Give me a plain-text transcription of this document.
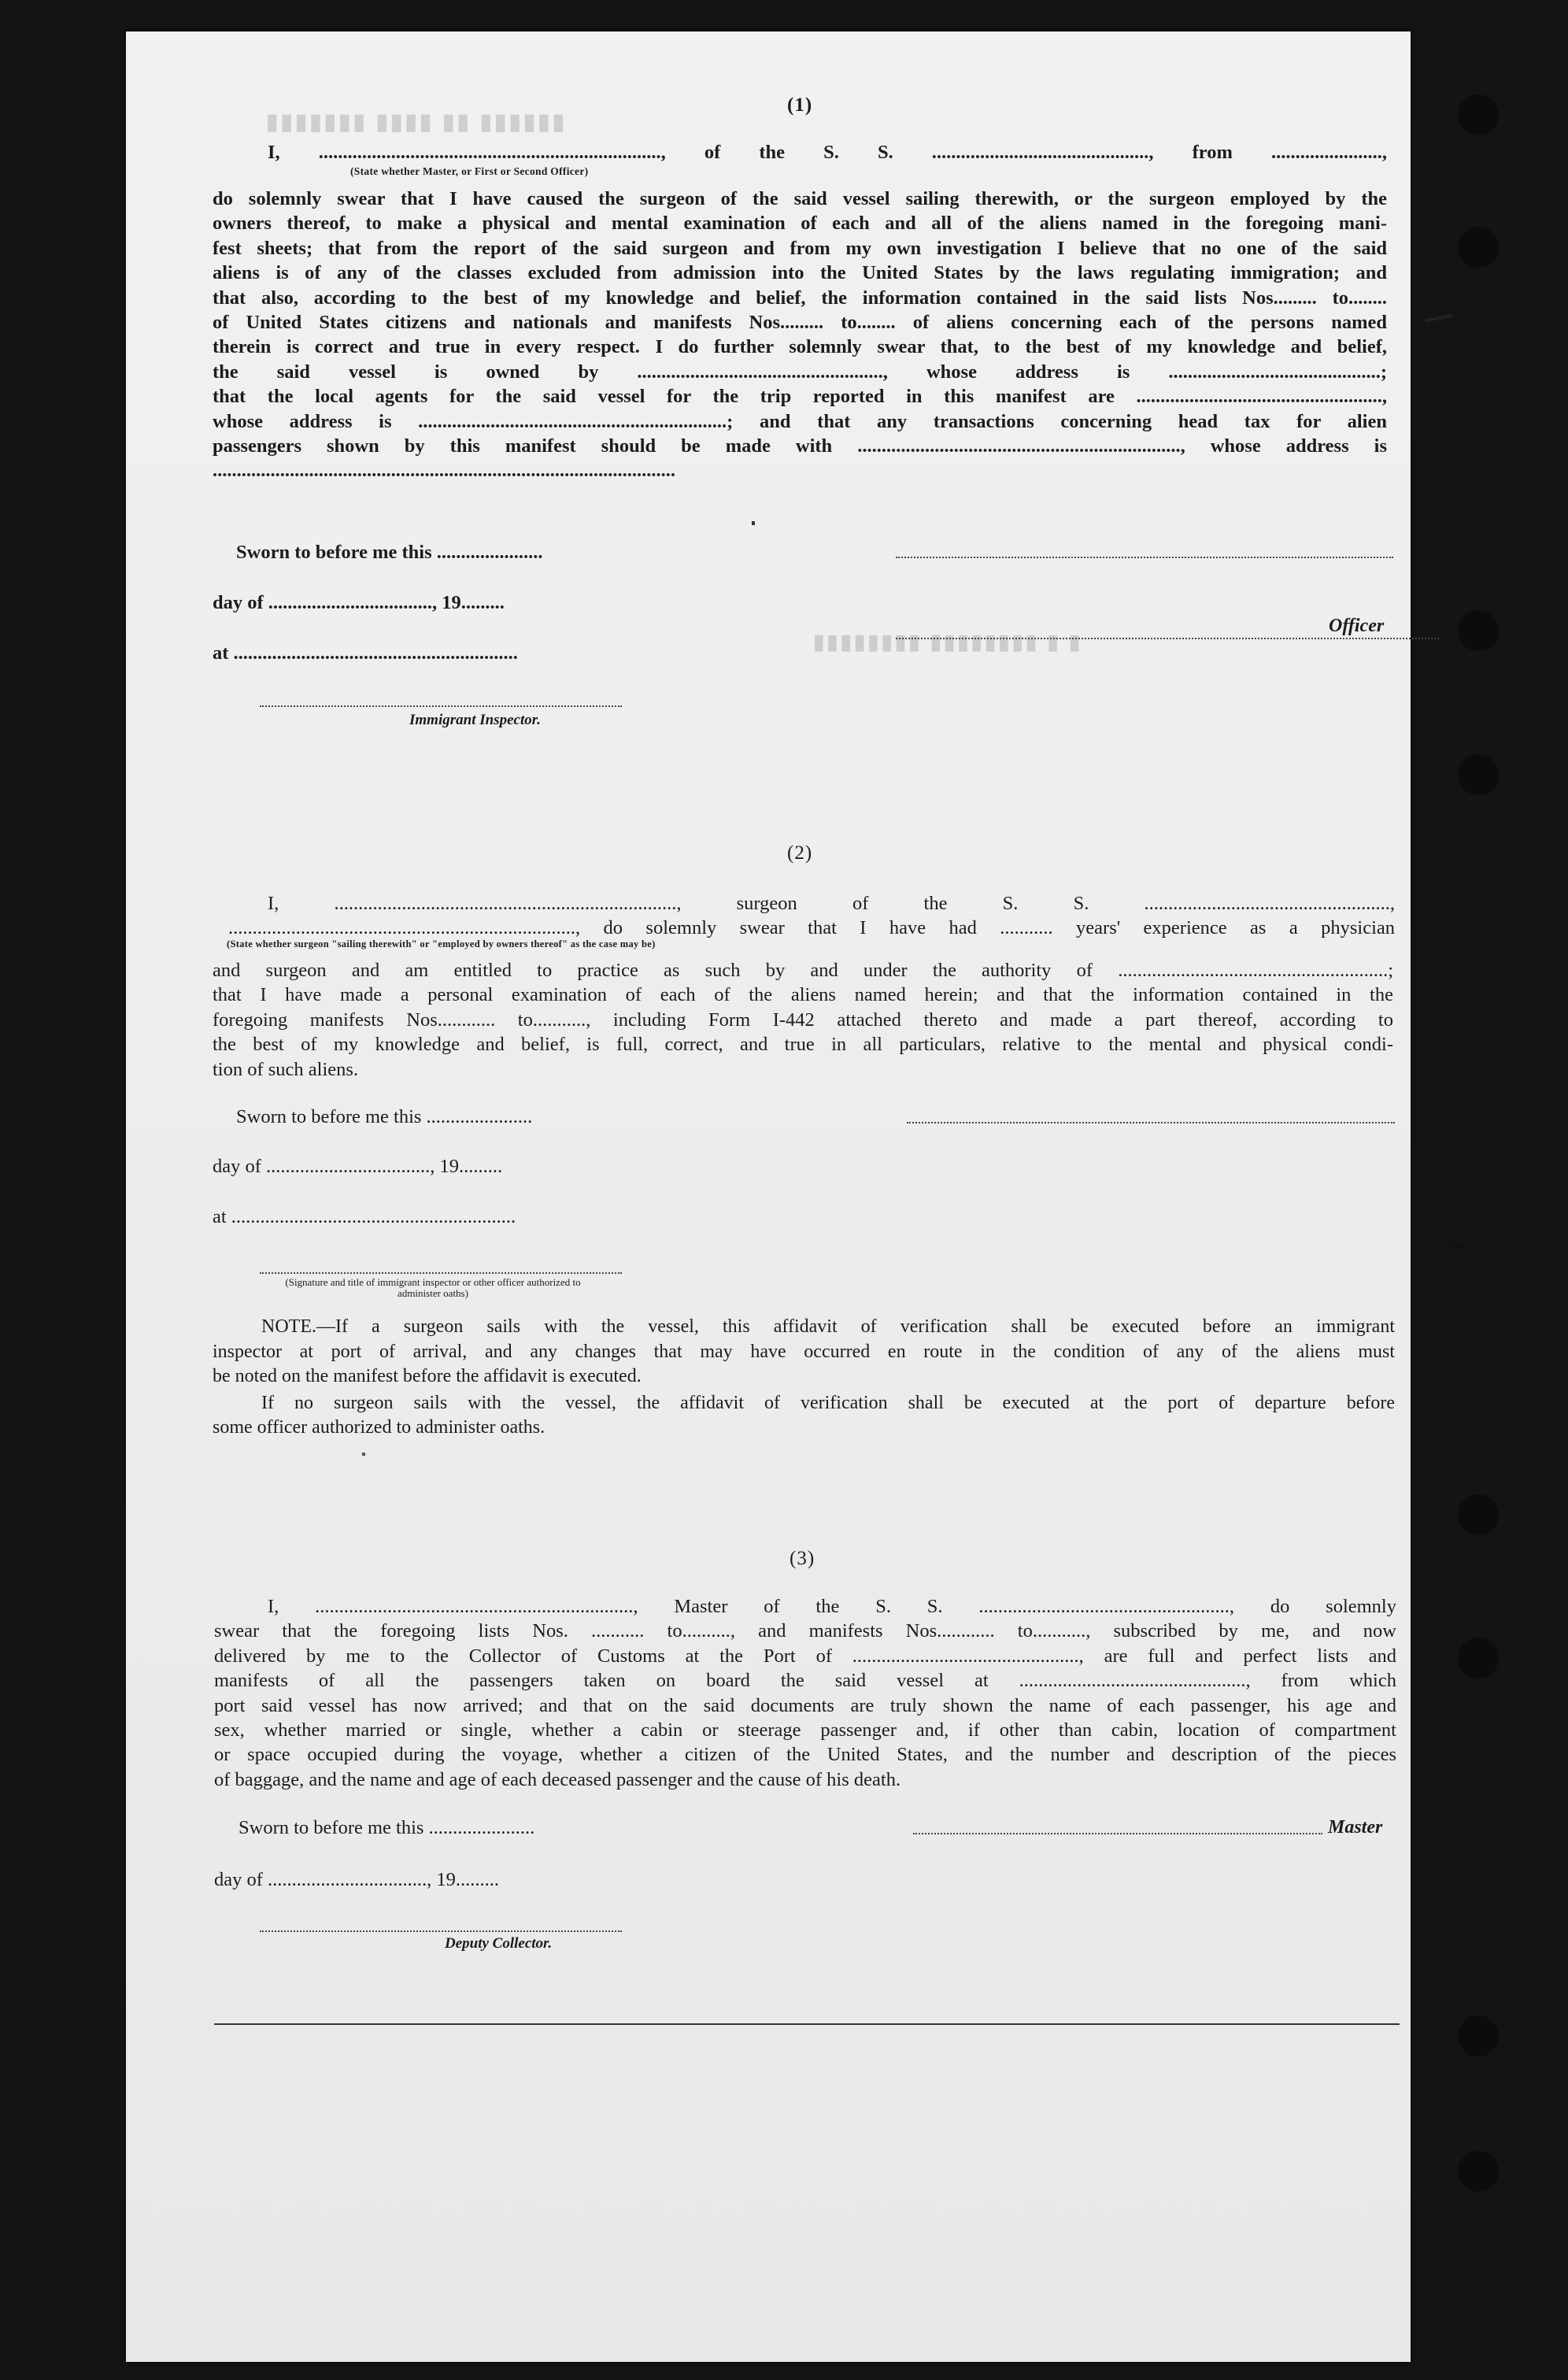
▮▮▮▮▮▮ ▮▮ ▮▮▮▮ ▮▮▮▮▮▮▮
▮ ▮ ▮▮▮▮▮▮▮▮ ▮▮▮▮▮▮▮▮
(1)
I, ......................................................................., of the S. S. ............................................., from .......................,
(State whether Master, or First or Second Officer)

do solemnly swear that I have caused the surgeon of the said vessel sailing therewith, or the surgeon employed by the

owners thereof, to make a physical and mental examination of each and all of the aliens named in the foregoing mani-

fest sheets; that from the report of the said surgeon and from my own investigation I believe that no one of the said

aliens is of any of the classes excluded from admission into the United States by the laws regulating immigration; and

that also, according to the best of my knowledge and belief, the information contained in the said lists Nos......... to........

of United States citizens and nationals and manifests Nos......... to........ of aliens concerning each of the persons named

therein is correct and true in every respect. I do further solemnly swear that, to the best of my knowledge and belief,

the said vessel is owned by ..................................................., whose address is ............................................;

that the local agents for the said vessel for the trip reported in this manifest are ...................................................,

whose address is ................................................................; and that any transactions concerning head tax for alien

passengers shown by this manifest should be made with ..................................................................., whose address is

................................................................................................

Sworn to before me this ......................
day of .................................., 19.........
Officer
at ...........................................................
Immigrant Inspector.
(2)
I, ......................................................................., surgeon of the S. S. ...................................................,
........................................................................, do solemnly swear that I have had ........... years' experience as a physician
(State whether surgeon "sailing therewith" or "employed by owners thereof" as the case may be)

and surgeon and am entitled to practice as such by and under the authority of ........................................................;

that I have made a personal examination of each of the aliens named herein; and that the information contained in the

foregoing manifests Nos............ to..........., including Form I-442 attached thereto and made a part thereof, according to

the best of my knowledge and belief, is full, correct, and true in all particulars, relative to the mental and physical condi-

tion of such aliens.

Sworn to before me this ......................
day of .................................., 19.........
at ...........................................................
(Signature and title of immigrant inspector or other officer authorized to administer oaths)

NOTE.—If a surgeon sails with the vessel, this affidavit of verification shall be executed before an immigrant

inspector at port of arrival, and any changes that may have occurred en route in the condition of any of the aliens must

be noted on the manifest before the affidavit is executed.

If no surgeon sails with the vessel, the affidavit of verification shall be executed at the port of departure before

some officer authorized to administer oaths.

(3)

I, .................................................................., Master of the S. S. ...................................................., do solemnly

swear that the foregoing lists Nos. ........... to.........., and manifests Nos............ to..........., subscribed by me, and now

delivered by me to the Collector of Customs at the Port of ..............................................., are full and perfect lists and

manifests of all the passengers taken on board the said vessel at ..............................................., from which

port said vessel has now arrived; and that on the said documents are truly shown the name of each passenger, his age and

sex, whether married or single, whether a cabin or steerage passenger and, if other than cabin, location of compartment

or space occupied during the voyage, whether a citizen of the United States, and the number and description of the pieces

of baggage, and the name and age of each deceased passenger and the cause of his death.

Sworn to before me this ......................	Master
day of ................................., 19.........
Deputy Collector.
